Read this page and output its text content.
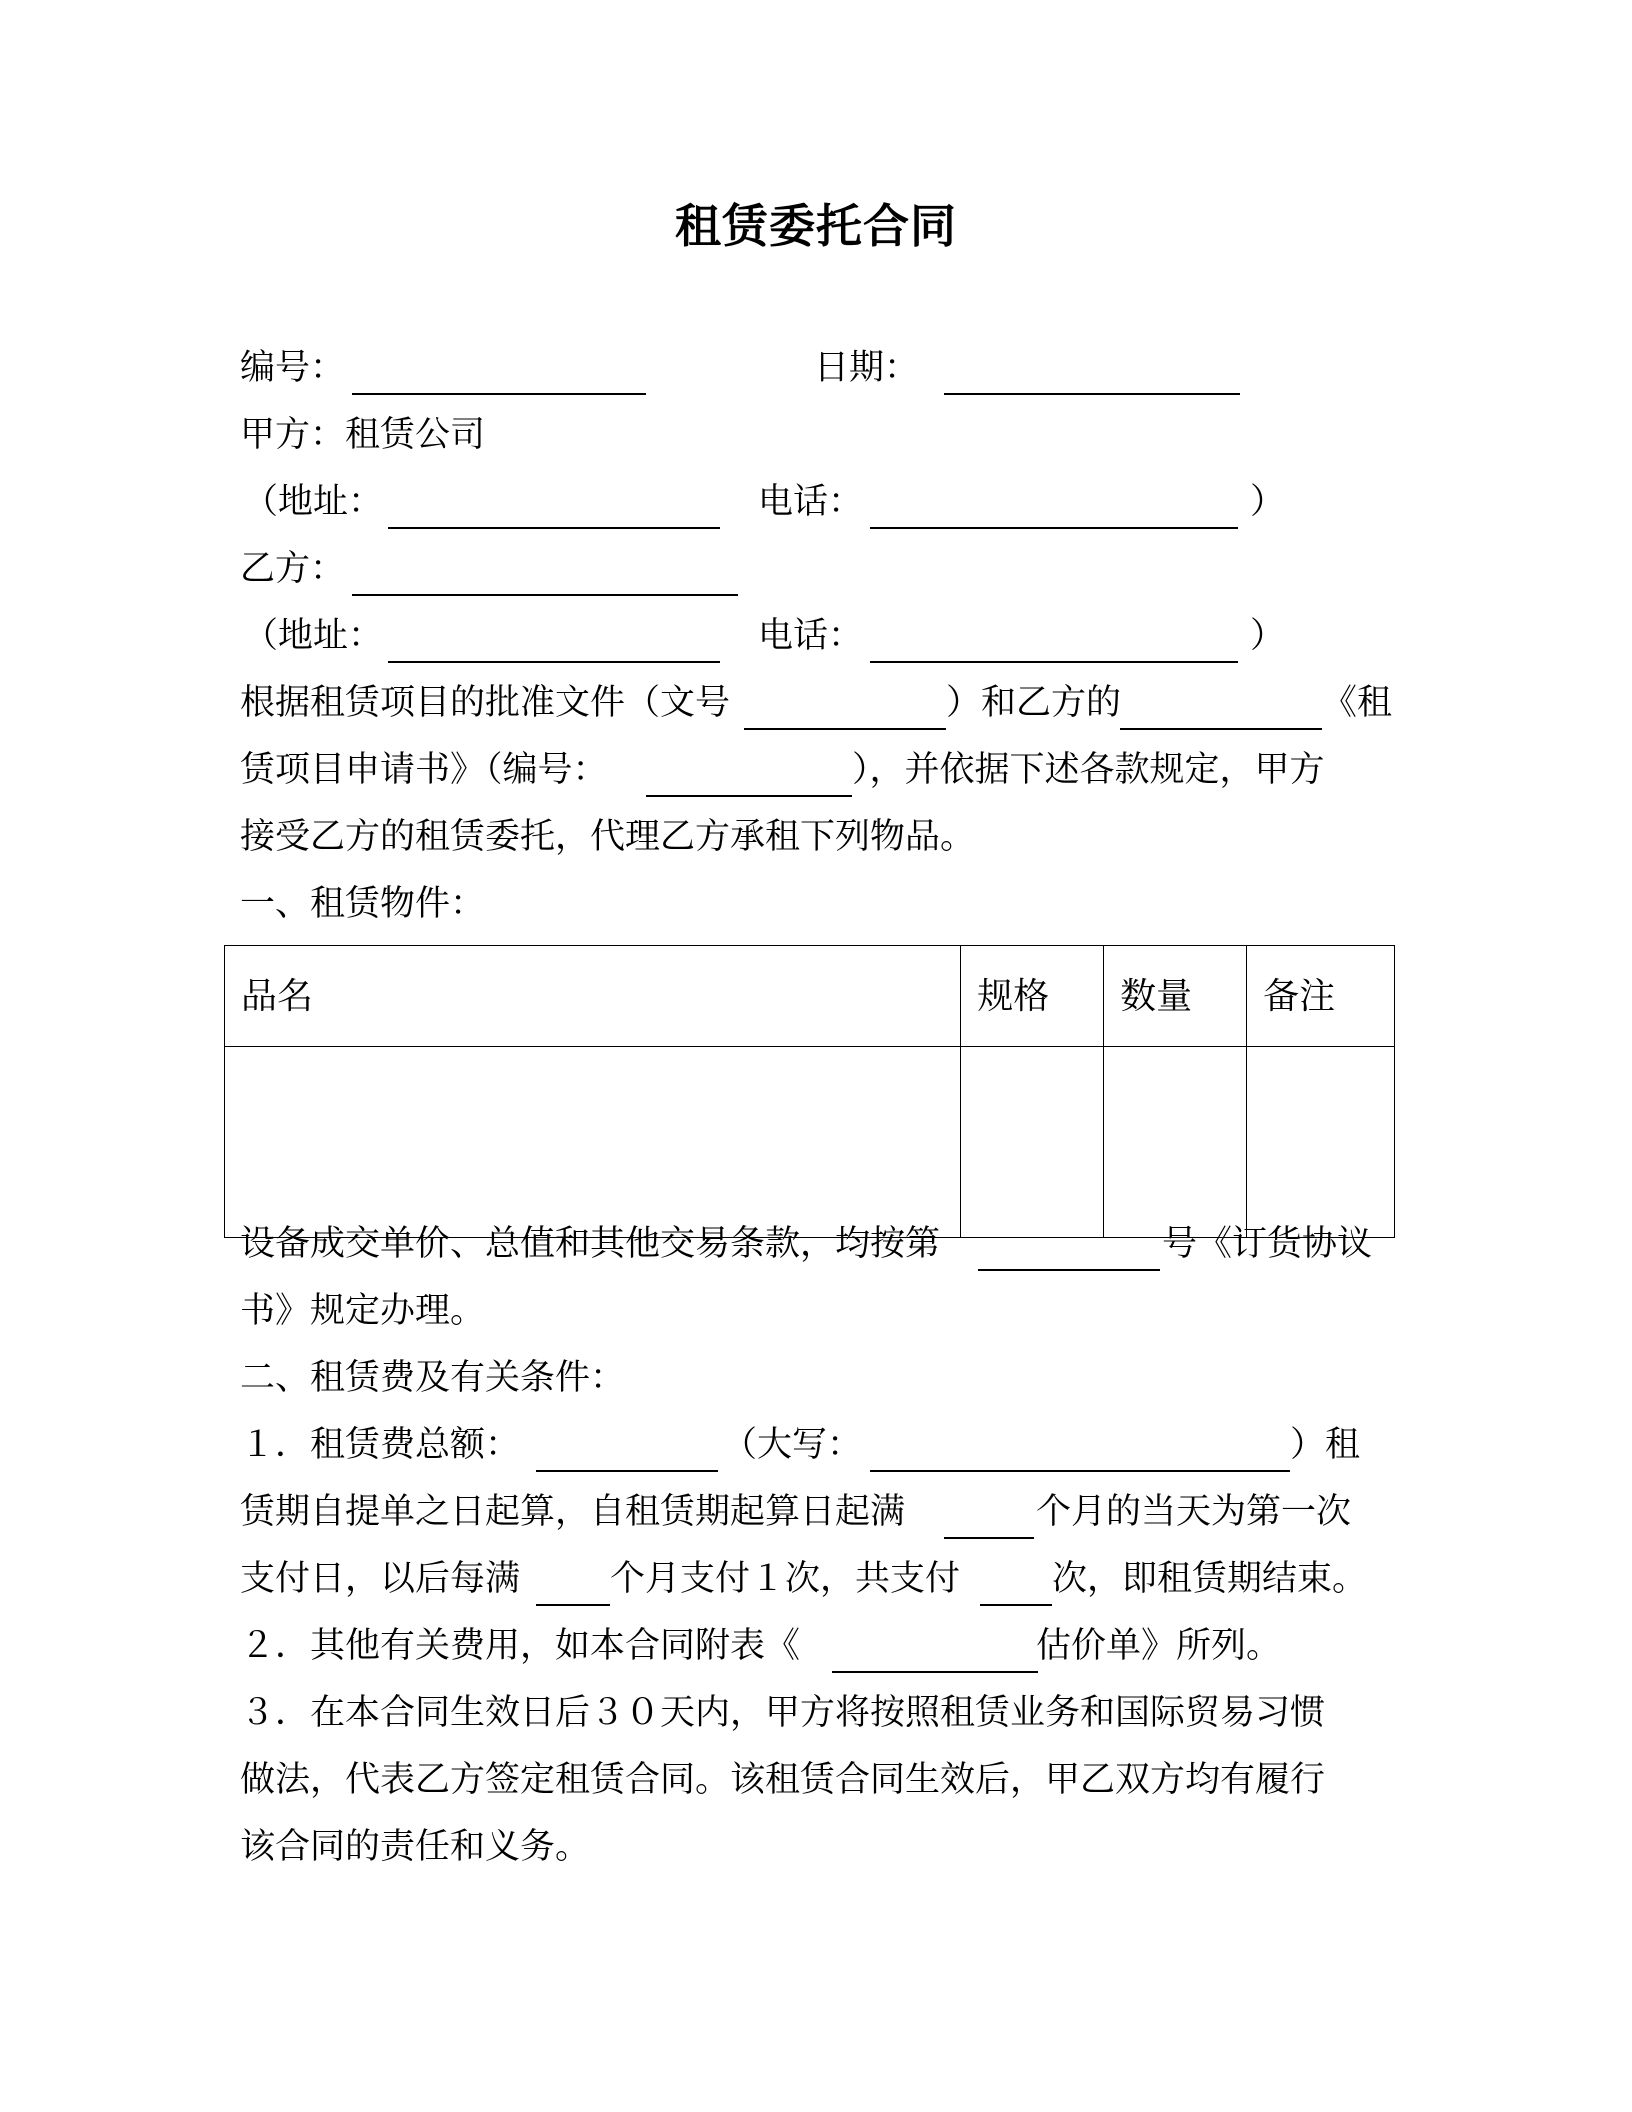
租赁委托合同
编号：	日期：
甲方：租赁公司
（地址：	电话：	）
乙方：
（地址：	电话：	）
根据租赁项目的批准文件（文号	）和乙方的	《租
赁项目申请书》（编号：	），并依据下述各款规定，甲方
接受乙方的租赁委托，代理乙方承租下列物品。
一、租赁物件：
品名	规格	数量	备注

设备成交单价、总值和其他交易条款，均按第	号《订货协议
书》规定办理。
二、租赁费及有关条件：
１．租赁费总额：	（大写：	）租
赁期自提单之日起算，自租赁期起算日起满	个月的当天为第一次
支付日，以后每满	个月支付１次，共支付	次，即租赁期结束。
２．其他有关费用，如本合同附表《	估价单》所列。
３．在本合同生效日后３０天内，甲方将按照租赁业务和国际贸易习惯
做法，代表乙方签定租赁合同。该租赁合同生效后，甲乙双方均有履行
该合同的责任和义务。
